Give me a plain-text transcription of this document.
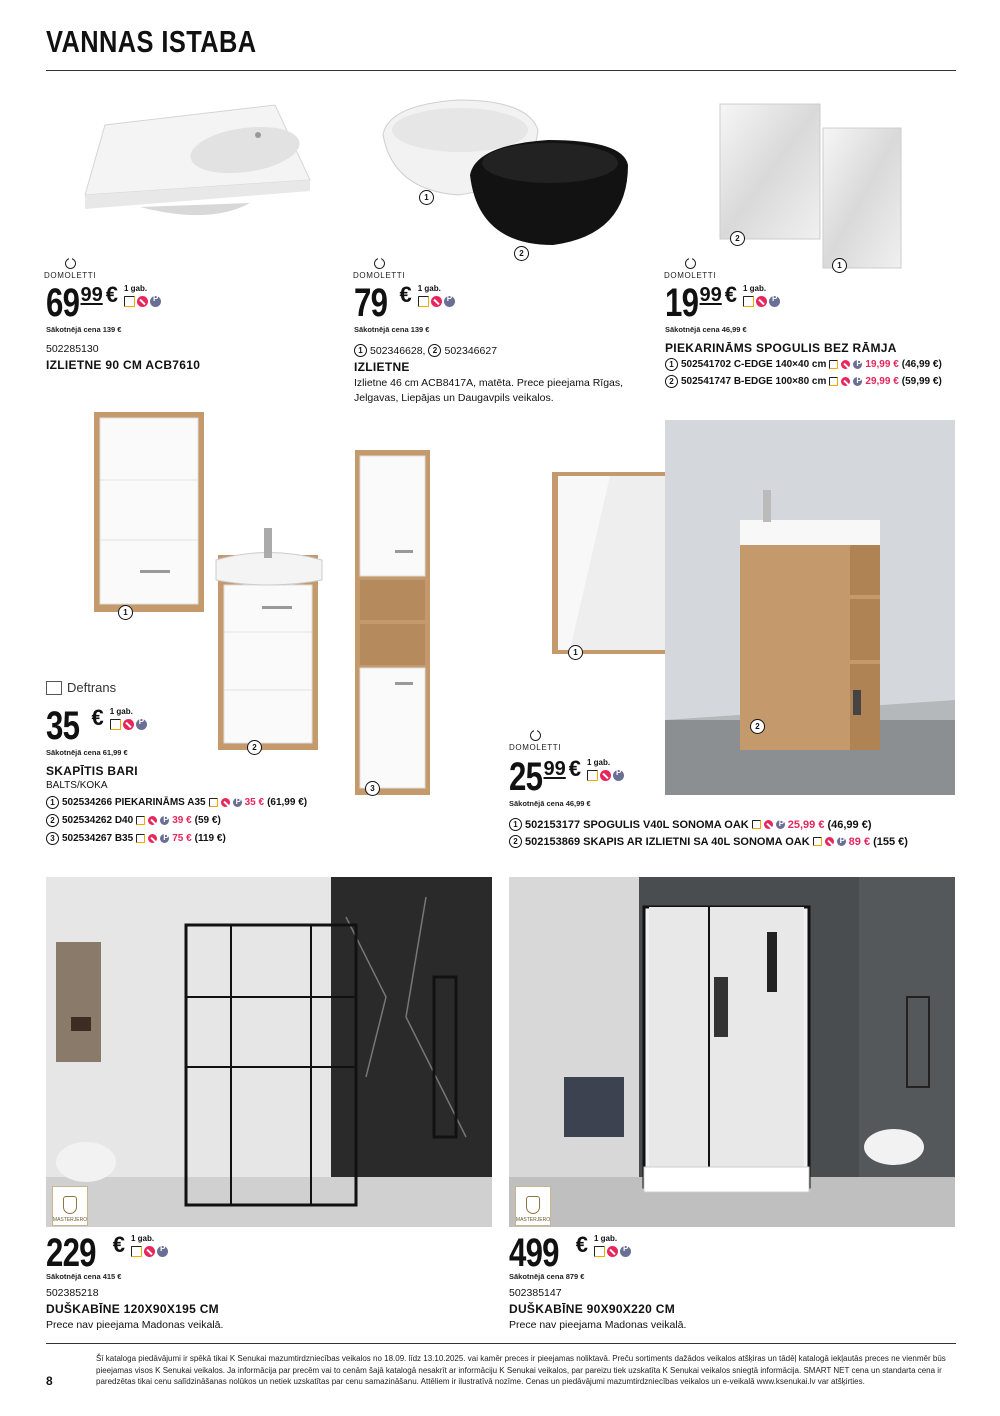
VANNAS ISTABA
DOMOLETTI
69 99 € 1 gab.
P
Sākotnējā cena 139 €
502285130
IZLIETNE 90 CM ACB7610
1
2
DOMOLETTI
79 € 1 gab.
P
Sākotnējā cena 139 €
1 502346628, 2 502346627
IZLIETNE
Izlietne 46 cm ACB8417A, matēta. Prece pieejama Rīgas, Jelgavas, Liepājas un Daugavpils veikalos.
2
1
DOMOLETTI
19 99 € 1 gab.
P
Sākotnējā cena 46,99 €
PIEKARINĀMS SPOGULIS BEZ RĀMJA
1 502541702 C-EDGE 140×40 cm P	19,99 € (46,99 €)
2 502541747 B-EDGE 100×80 cm P	29,99 € (59,99 €)
1
2
3
Deftrans
35 € 1 gab.
P
Sākotnējā cena 61,99 €
SKAPĪTIS BARI
BALTS/KOKA
1 502534266 PIEKARINĀMS A35 P	35 € (61,99 €)
2 502534262 D40 P	39 € (59 €)
3 502534267 B35 P	75 € (119 €)
1
2
DOMOLETTI
25 99 € 1 gab.
P
Sākotnējā cena 46,99 €
1 502153177 SPOGULIS V40L SONOMA OAK P	25,99 € (46,99 €)
2 502153869 SKAPIS AR IZLIETNI SA 40L SONOMA OAK P	89 € (155 €)
MASTERJERO
229 € 1 gab.
P
Sākotnējā cena 415 €
502385218
DUŠKABĪNE 120X90X195 CM
Prece nav pieejama Madonas veikalā.
MASTERJERO
499 € 1 gab.
P
Sākotnējā cena 879 €
502385147
DUŠKABĪNE 90X90X220 CM
Prece nav pieejama Madonas veikalā.
8
Šī kataloga piedāvājumi ir spēkā tikai K Senukai mazumtirdzniecības veikalos no 18.09. līdz 13.10.2025. vai kamēr preces ir pieejamas noliktavā. Preču sortiments dažādos veikalos atšķiras un tādēļ katalogā iekļautās preces ne vienmēr būs pieejamas visos K Senukai veikalos. Ja informācija par precēm vai to cenām šajā katalogā nesakrīt ar informāciju K Senukai veikalos, par pareizu tiek uzskatīta K Senukai veikalos sniegtā informācija. SMART NET cena un standarta cena ir paredzētas tikai cenu salīdzināšanas nolūkos un netiek uzskatītas par cenu samazināšanu. Attēliem ir ilustratīvā nozīme. Cenas un piedāvājumi mazumtirdzniecības veikalos un e-veikalā www.ksenukai.lv var atšķirties.
